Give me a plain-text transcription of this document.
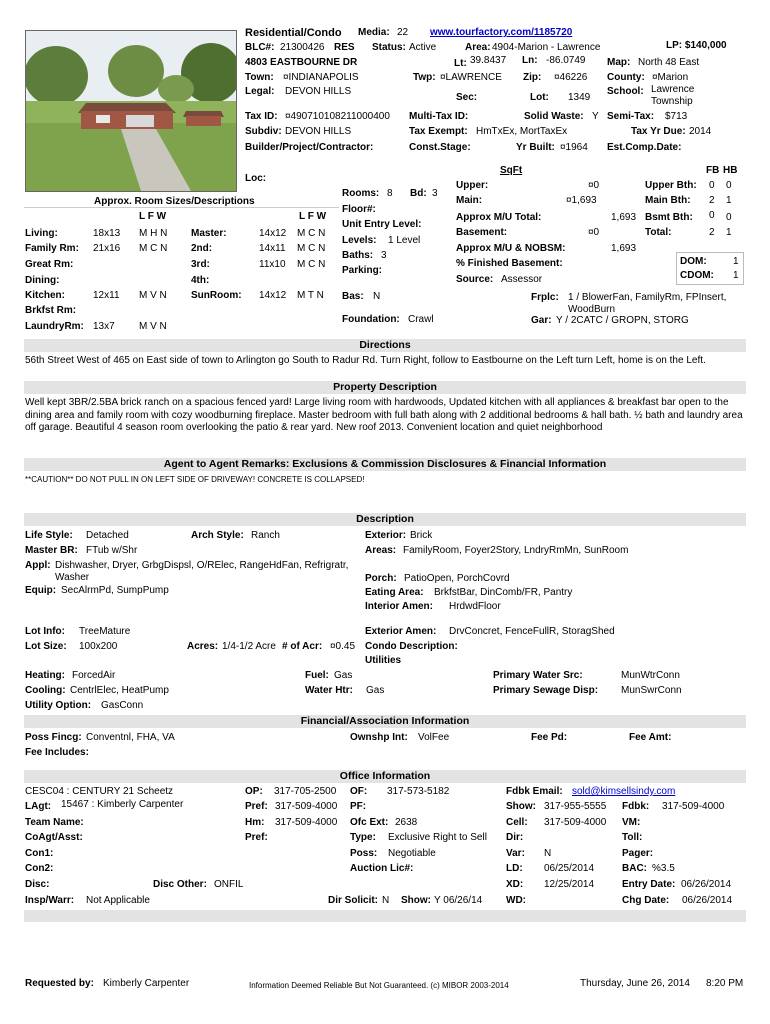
Residential/Condo Media: 22 www.tourfactory.com/1185720
BLC#: 21300426 RES Status: Active	Area: 4904-Marion - Lawrence	LP: $140,000
4803 EASTBOURNE DR	Lt: 39.8437 Ln: -86.0749 Map: North 48 East
Town: ¤INDIANAPOLIS	Twp: ¤LAWRENCE Zip: ¤46226 County: ¤Marion
Legal: DEVON HILLS	School: Lawrence
Township
Sec:	Lot: 1349
Tax ID: ¤490710108211000400 Multi-Tax ID:	Solid Waste: Y Semi-Tax: $713
Subdiv: DEVON HILLS	Tax Exempt: HmTxEx, MortTaxEx	Tax Yr Due: 2014
Builder/Project/Contractor:	Const.Stage:	Yr Built: ¤1964 Est.Comp.Date:
Loc:
Approx. Room Sizes/Descriptions
L F W	L F W
Living:	18x13 M H N
Family Rm: 21x16 M C N
Great Rm:
Dining:
Kitchen:	12x11 M V N
Brkfst Rm:
LaundryRm: 13x7 M V N
Master:	14x12 M C N
2nd:	14x11 M C N
3rd:	11x10 M C N
4th:
SunRoom: 14x12 M T N
Rooms: 8 Bd: 3
Floor#:
Unit Entry Level:
Levels: 1 Level
Baths: 3
Parking:
Bas: N
Foundation: Crawl
SqFt	FB HB
Upper:	¤0
Main:	¤1,693
Approx M/U Total:	1,693
Basement:	¤0
Approx M/U & NOBSM:	1,693
% Finished Basement:
Source: Assessor
Upper Bth: 0 0
Main Bth: 2 1
Bsmt Bth: 0 0
Total:	2 1
DOM:	1
CDOM: 1
Frplc: 1 / BlowerFan, FamilyRm, FPInsert,
WoodBurn
Gar: Y / 2CATC / GROPN, STORG
Directions
56th Street West of 465 on East side of town to Arlington go South to Radur Rd. Turn Right, follow to Eastbourne on the Left turn Left, home is on the Left.
Property Description
Well kept 3BR/2.5BA brick ranch on a spacious fenced yard! Large living room with hardwoods, Updated kitchen with all appliances & breakfast bar open to the dining area and family room with cozy woodburning fireplace. Master bedroom with full bath along with 2 additional bedrooms & hall bath. ½ bath and laundry area off garage. Beautiful 4 season room overlooking the patio & rear yard. New roof 2013. Convenient location and quiet neighborhood
Agent to Agent Remarks: Exclusions & Commission Disclosures & Financial Information
**CAUTION** DO NOT PULL IN ON LEFT SIDE OF DRIVEWAY! CONCRETE IS COLLAPSED!
Description
Life Style: Detached	Arch Style: Ranch	Exterior: Brick
Master BR: FTub w/Shr	Areas: FamilyRoom, Foyer2Story, LndryRmMn, SunRoom
Appl: Dishwasher, Dryer, GrbgDispsl, O/RElec, RangeHdFan, Refrigratr,
Washer
Equip: SecAlrmPd, SumpPump
Porch: PatioOpen, PorchCovrd
Eating Area: BrkfstBar, DinComb/FR, Pantry
Interior Amen: HrdwdFloor
Lot Info: TreeMature	Exterior Amen: DrvConcret, FenceFullR, StoragShed
Lot Size: 100x200	Acres: 1/4-1/2 Acre # of Acr: ¤0.45 Condo Description:
Utilities
Heating: ForcedAir	Fuel: Gas	Primary Water Src:	MunWtrConn
Cooling: CentrlElec, HeatPump	Water Htr: Gas	Primary Sewage Disp: MunSwrConn
Utility Option: GasConn
Financial/Association Information
Poss Fincg: Conventnl, FHA, VA	Ownshp Int: VolFee	Fee Pd:	Fee Amt:
Fee Includes:
Office Information
CESC04 : CENTURY 21 Scheetz	OP: 317-705-2500 OF: 317-573-5182	Fdbk Email: sold@kimsellsindy.com
LAgt: 15467 : Kimberly Carpenter	Pref: 317-509-4000 PF:	Show: 317-955-5555 Fdbk: 317-509-4000
Team Name:	Hm: 317-509-4000 Ofc Ext: 2638	Cell: 317-509-4000 VM:
CoAgt/Asst:	Pref:	Type: Exclusive Right to Sell Dir:	Toll:
Con1:	Poss: Negotiable	Var: N	Pager:
Con2:	Auction Lic#:	LD: 06/25/2014	BAC: %3.5
Disc:	Disc Other: ONFIL	XD: 12/25/2014	Entry Date: 06/26/2014
Insp/Warr: Not Applicable	Dir Solicit: N Show: Y 06/26/14 WD:	Chg Date: 06/26/2014
Requested by: Kimberly Carpenter	Information Deemed Reliable But Not Guaranteed. (c) MIBOR 2003-2014	Thursday, June 26, 2014 8:20 PM
